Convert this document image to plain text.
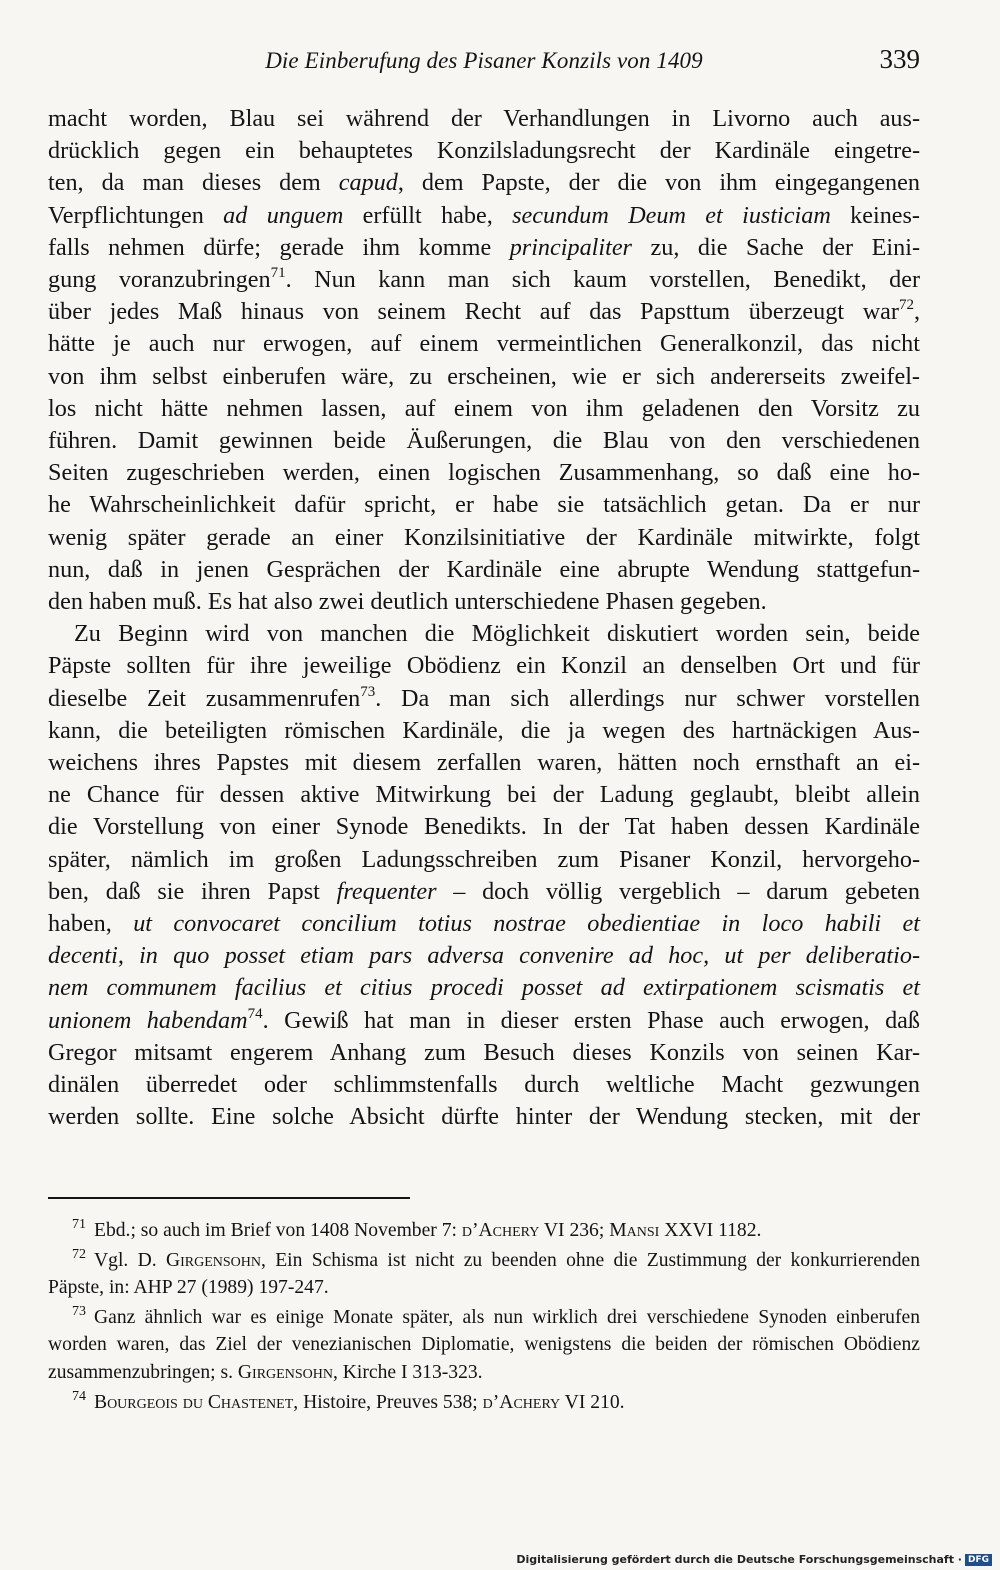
Die Einberufung des Pisaner Konzils von 1409	339

macht worden, Blau sei während der Verhandlungen in Livorno auch aus-
drücklich gegen ein behauptetes Konzilsladungsrecht der Kardinäle eingetre-
ten, da man dieses dem capud, dem Papste, der die von ihm eingegangenen
Verpflichtungen ad unguem erfüllt habe, secundum Deum et iusticiam keines-
falls nehmen dürfe; gerade ihm komme principaliter zu, die Sache der Eini-
gung voranzubringen$^{71}$. Nun kann man sich kaum vorstellen, Benedikt, der
über jedes Maß hinaus von seinem Recht auf das Papsttum überzeugt war$^{72}$,
hätte je auch nur erwogen, auf einem vermeintlichen Generalkonzil, das nicht
von ihm selbst einberufen wäre, zu erscheinen, wie er sich andererseits zweifel-
los nicht hätte nehmen lassen, auf einem von ihm geladenen den Vorsitz zu
führen. Damit gewinnen beide Äußerungen, die Blau von den verschiedenen
Seiten zugeschrieben werden, einen logischen Zusammenhang, so daß eine ho-
he Wahrscheinlichkeit dafür spricht, er habe sie tatsächlich getan. Da er nur
wenig später gerade an einer Konzilsinitiative der Kardinäle mitwirkte, folgt
nun, daß in jenen Gesprächen der Kardinäle eine abrupte Wendung stattgefun-
den haben muß. Es hat also zwei deutlich unterschiedene Phasen gegeben.

Zu Beginn wird von manchen die Möglichkeit diskutiert worden sein, beide
Päpste sollten für ihre jeweilige Obödienz ein Konzil an denselben Ort und für
dieselbe Zeit zusammenrufen$^{73}$. Da man sich allerdings nur schwer vorstellen
kann, die beteiligten römischen Kardinäle, die ja wegen des hartnäckigen Aus-
weichens ihres Papstes mit diesem zerfallen waren, hätten noch ernsthaft an ei-
ne Chance für dessen aktive Mitwirkung bei der Ladung geglaubt, bleibt allein
die Vorstellung von einer Synode Benedikts. In der Tat haben dessen Kardinäle
später, nämlich im großen Ladungsschreiben zum Pisaner Konzil, hervorgeho-
ben, daß sie ihren Papst frequenter – doch völlig vergeblich – darum gebeten
haben, ut convocaret concilium totius nostrae obedientiae in loco habili et
decenti, in quo posset etiam pars adversa convenire ad hoc, ut per deliberatio-
nem communem facilius et citius procedi posset ad extirpationem scismatis et
unionem habendam$^{74}$. Gewiß hat man in dieser ersten Phase auch erwogen, daß
Gregor mitsamt engerem Anhang zum Besuch dieses Konzils von seinen Kar-
dinälen überredet oder schlimmstenfalls durch weltliche Macht gezwungen
werden sollte. Eine solche Absicht dürfte hinter der Wendung stecken, mit der

$^{71}$ Ebd.; so auch im Brief von 1408 November 7: d’Achery VI 236; Mansi XXVI 1182.

$^{72}$ Vgl. D. Girgensohn, Ein Schisma ist nicht zu beenden ohne die Zustimmung der konkurrierenden Päpste, in: AHP 27 (1989) 197-247.

$^{73}$ Ganz ähnlich war es einige Monate später, als nun wirklich drei verschiedene Synoden einberufen worden waren, das Ziel der venezianischen Diplomatie, wenigstens die beiden der römischen Obödienz zusammenzubringen; s. Girgensohn, Kirche I 313-323.

$^{74}$ Bourgeois du Chastenet, Histoire, Preuves 538; d’Achery VI 210.

Digitalisierung gefördert durch die Deutsche Forschungsgemeinschaft · DFG
